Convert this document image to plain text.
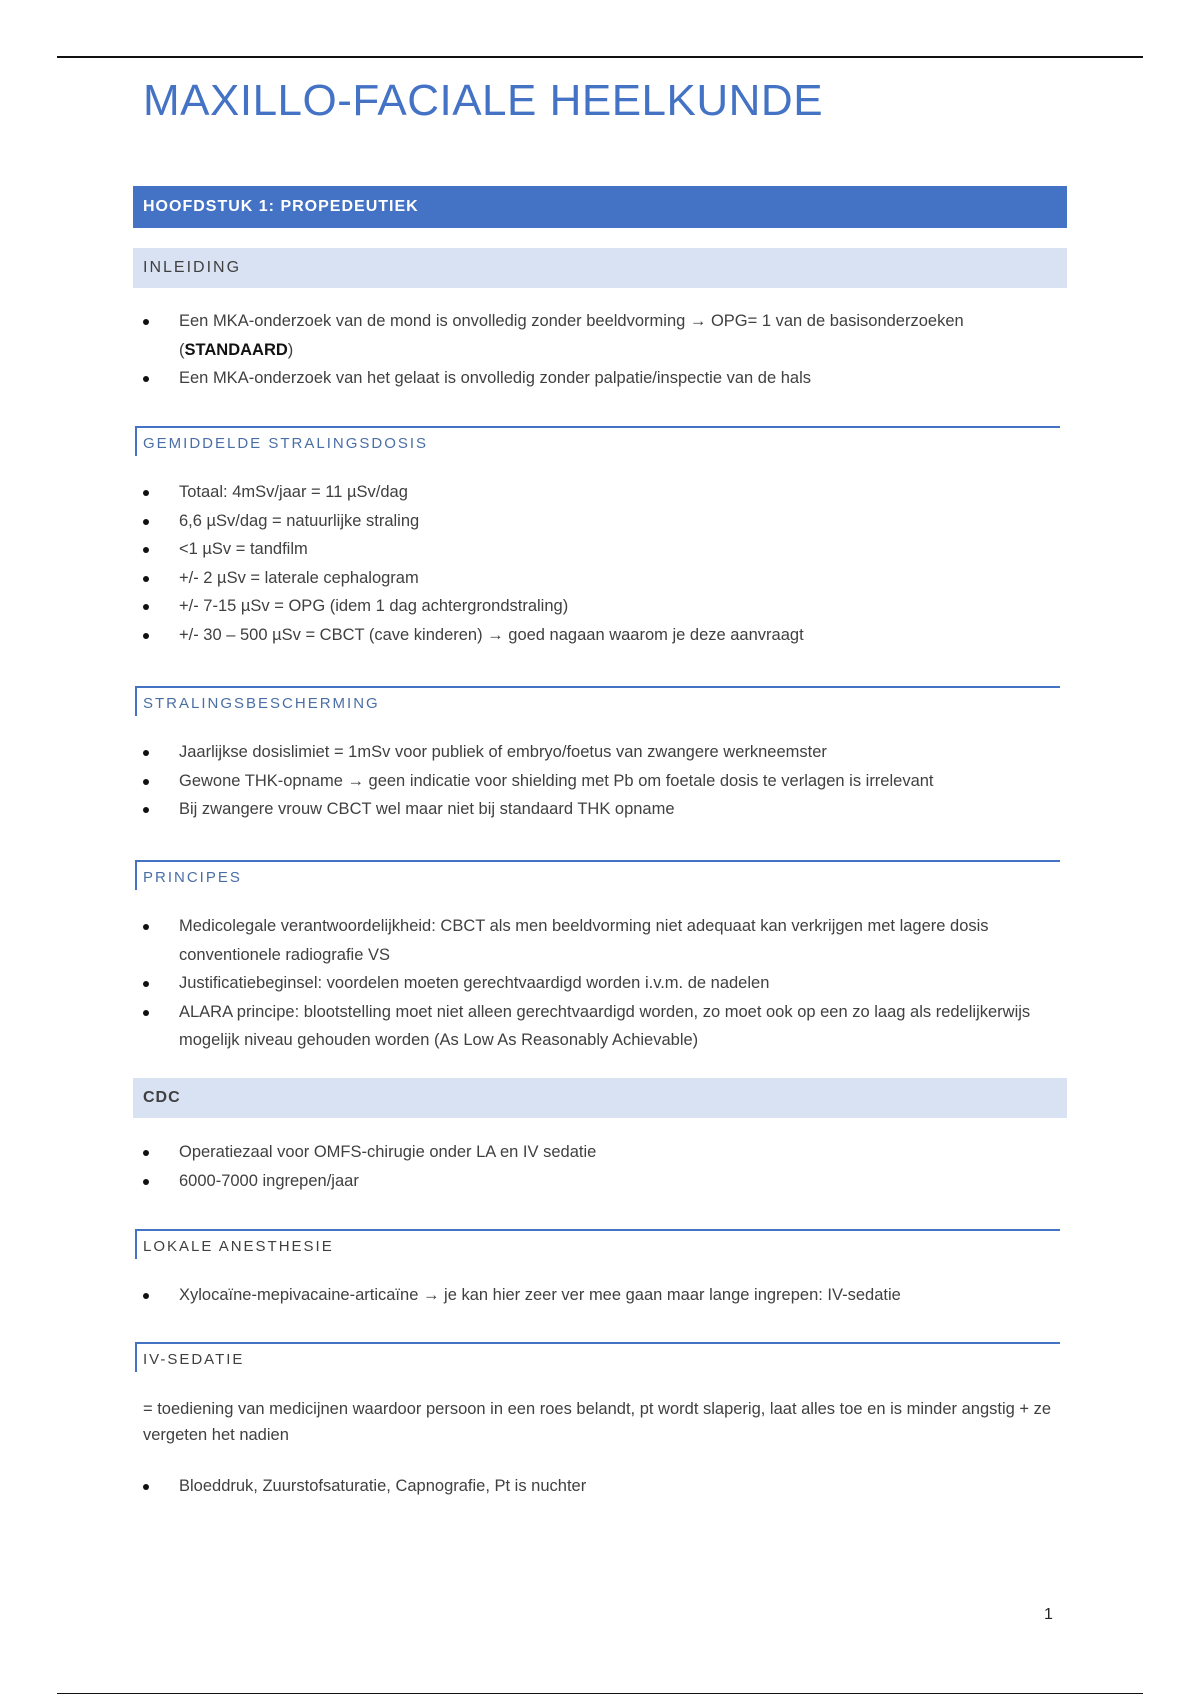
MAXILLO-FACIALE HEELKUNDE
HOOFDSTUK 1: PROPEDEUTIEK
INLEIDING
Een MKA-onderzoek van de mond is onvolledig zonder beeldvorming → OPG= 1 van de basisonderzoeken
(STANDAARD)
Een MKA-onderzoek van het gelaat is onvolledig zonder palpatie/inspectie van de hals
GEMIDDELDE STRALINGSDOSIS
Totaal: 4mSv/jaar = 11 µSv/dag
6,6 µSv/dag = natuurlijke straling
<1 µSv = tandfilm
+/- 2 µSv = laterale cephalogram
+/- 7-15 µSv = OPG (idem 1 dag achtergrondstraling)
+/- 30 – 500 µSv = CBCT (cave kinderen) → goed nagaan waarom je deze aanvraagt
STRALINGSBESCHERMING
Jaarlijkse dosislimiet = 1mSv voor publiek of embryo/foetus van zwangere werkneemster
Gewone THK-opname → geen indicatie voor shielding met Pb om foetale dosis te verlagen is irrelevant
Bij zwangere vrouw CBCT wel maar niet bij standaard THK opname
PRINCIPES
Medicolegale verantwoordelijkheid: CBCT als men beeldvorming niet adequaat kan verkrijgen met lagere dosis conventionele radiografie VS
Justificatiebeginsel: voordelen moeten gerechtvaardigd worden i.v.m. de nadelen
ALARA principe: blootstelling moet niet alleen gerechtvaardigd worden, zo moet ook op een zo laag als redelijkerwijs mogelijk niveau gehouden worden (As Low As Reasonably Achievable)
CDC
Operatiezaal voor OMFS-chirugie onder LA en IV sedatie
6000-7000 ingrepen/jaar
LOKALE ANESTHESIE
Xylocaïne-mepivacaine-articaïne → je kan hier zeer ver mee gaan maar lange ingrepen: IV-sedatie
IV-SEDATIE
= toediening van medicijnen waardoor persoon in een roes belandt, pt wordt slaperig, laat alles toe en is minder angstig + ze vergeten het nadien
Bloeddruk, Zuurstofsaturatie, Capnografie, Pt is nuchter
1
